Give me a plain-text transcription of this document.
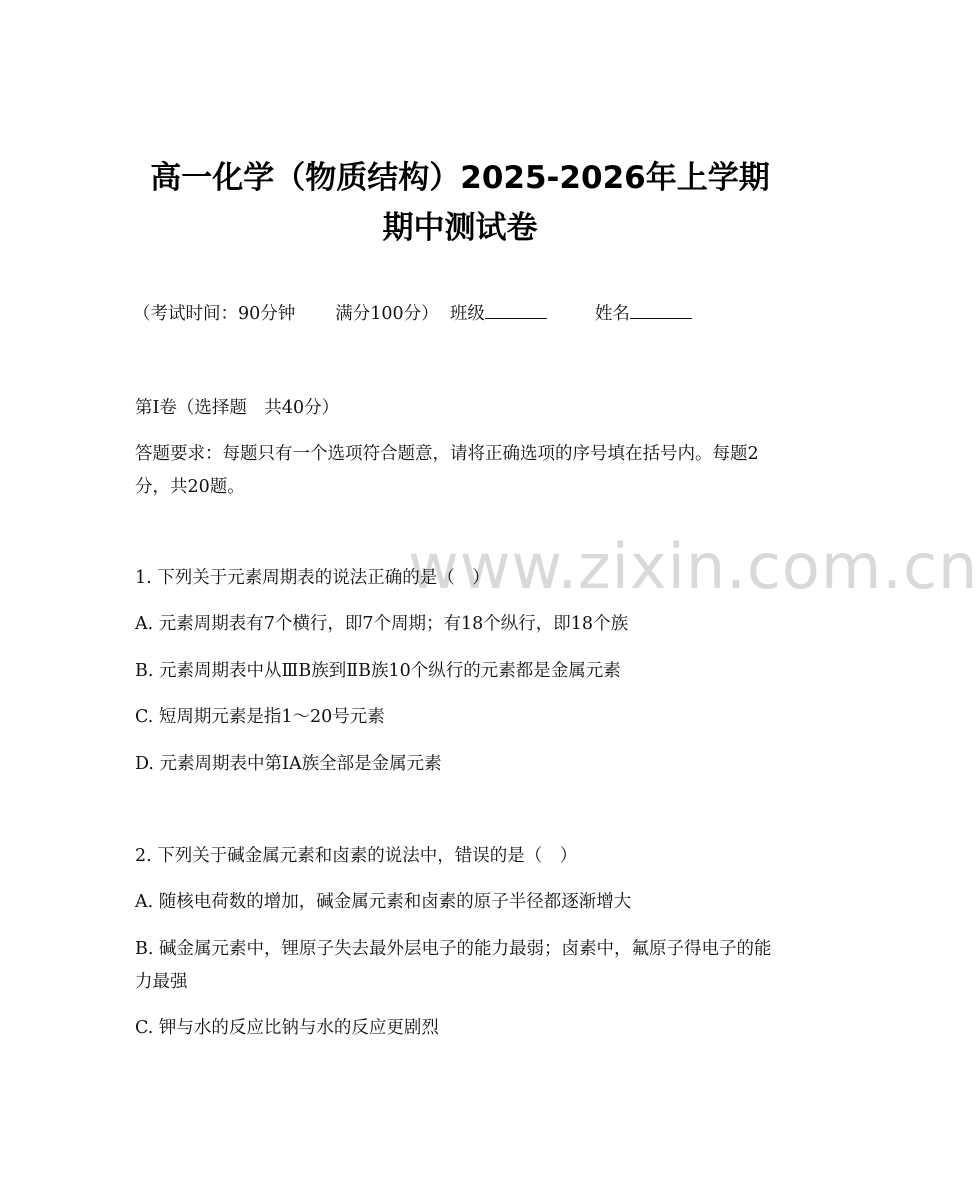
www.zixin.com.cn
高一化学（物质结构）2025-2026年上学期
期中测试卷
（考试时间：90分钟 满分100分） 班级	姓名
第Ⅰ卷（选择题　共40分）
答题要求：每题只有一个选项符合题意，请将正确选项的序号填在括号内。每题2分，共20题。
1. 下列关于元素周期表的说法正确的是（　）
A. 元素周期表有7个横行，即7个周期；有18个纵行，即18个族
B. 元素周期表中从ⅢB族到ⅡB族10个纵行的元素都是金属元素
C. 短周期元素是指1～20号元素
D. 元素周期表中第ⅠA族全部是金属元素
2. 下列关于碱金属元素和卤素的说法中，错误的是（　）
A. 随核电荷数的增加，碱金属元素和卤素的原子半径都逐渐增大
B. 碱金属元素中，锂原子失去最外层电子的能力最弱；卤素中，氟原子得电子的能力最强
C. 钾与水的反应比钠与水的反应更剧烈
